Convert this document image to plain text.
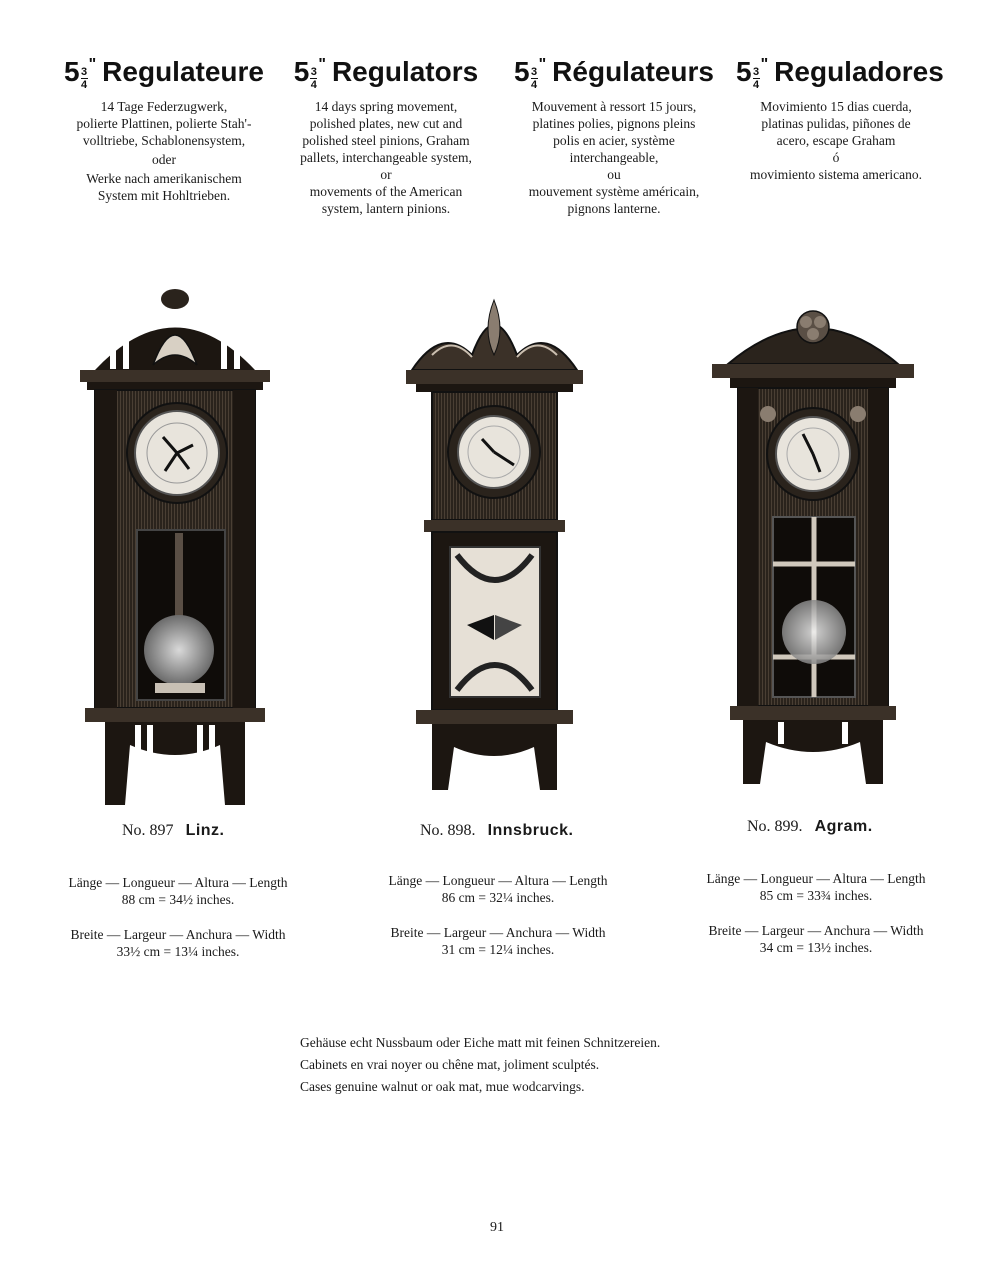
$5 \frac{3}{4}$
" Regulateure

14 Tage Federzugwerk,

polierte Plattinen, polierte Stah'-

volltriebe, Schablonensystem,

oder

Werke nach amerikanischem

System mit Hohltrieben.

$5 \frac{3}{4}$
" Regulators

14 days spring movement,

polished plates, new cut and

polished steel pinions, Graham

pallets, interchangeable system,

or

movements of the American

system, lantern pinions.

$5 \frac{3}{4}$
" Régulateurs

Mouvement à ressort 15 jours,

platines polies, pignons pleins

polis en acier, système

interchangeable,

ou

mouvement système américain,

pignons lanterne.

$5 \frac{3}{4}$
" Reguladores

Movimiento 15 dias cuerda,

platinas pulidas, piñones de

acero, escape Graham

ó

movimiento sistema americano.

No. 897 Linz.	No. 898. Innsbruck.	No. 899. Agram.

Länge — Longueur — Altura — Length

88 cm = 34½ inches.

Breite — Largeur — Anchura — Width

33½ cm = 13¼ inches.

Länge — Longueur — Altura — Length

86 cm = 32¼ inches.

Breite — Largeur — Anchura — Width

31 cm = 12¼ inches.

Länge — Longueur — Altura — Length

85 cm = 33¾ inches.

Breite — Largeur — Anchura — Width

34 cm = 13½ inches.

Gehäuse echt Nussbaum oder Eiche matt mit feinen Schnitzereien.

Cabinets en vrai noyer ou chêne mat, joliment sculptés.

Cases genuine walnut or oak mat, mue wodcarvings.

91
